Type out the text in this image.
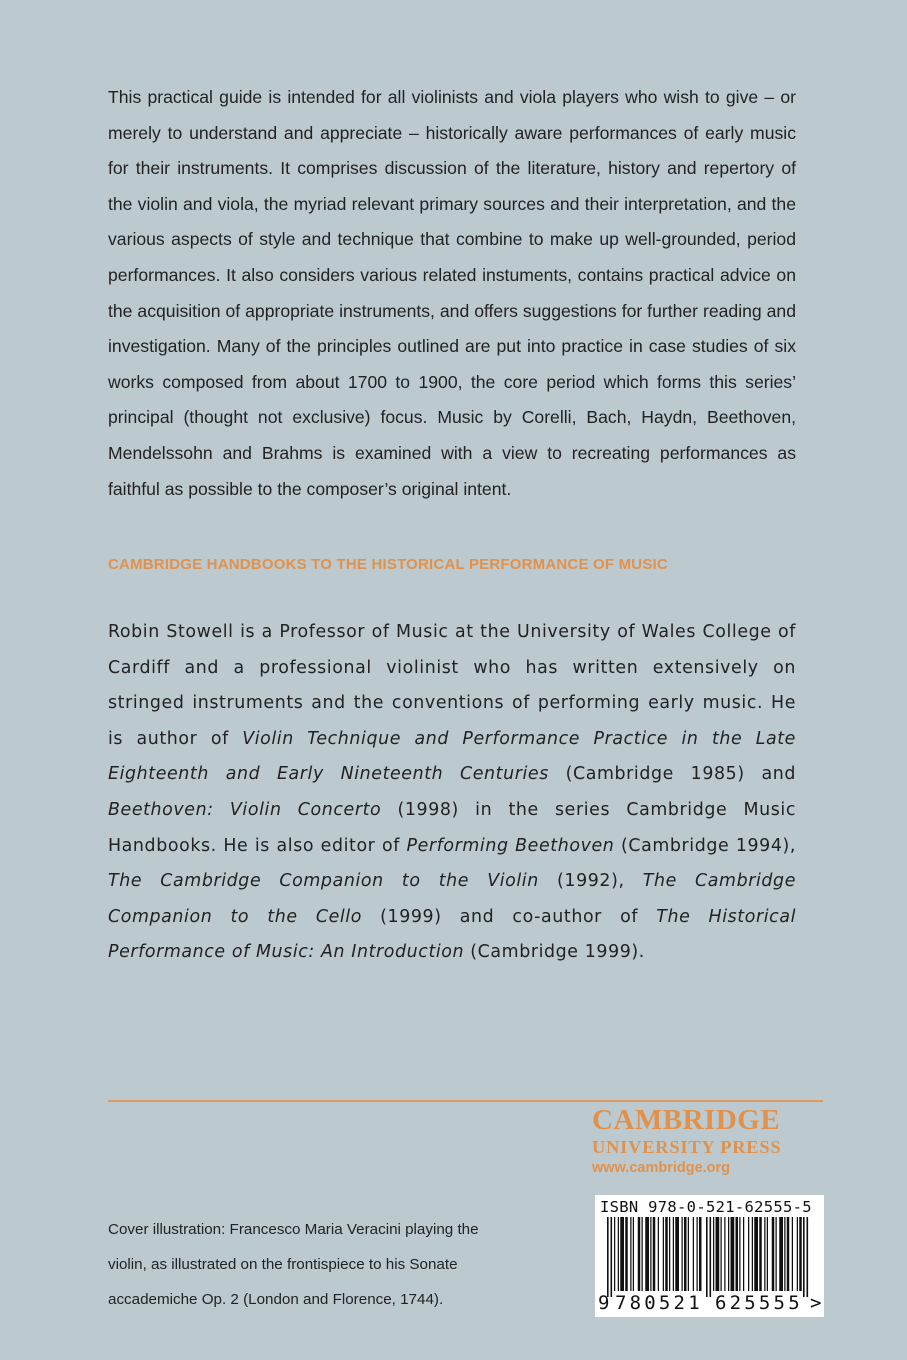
This practical guide is intended for all violinists and viola players who wish to give – or merely to understand and appreciate – historically aware performances of early music for their instruments. It comprises discussion of the literature, history and repertory of the violin and viola, the myriad relevant primary sources and their interpretation, and the various aspects of style and technique that combine to make up well-grounded, period performances. It also considers various related instuments, contains practical advice on the acquisition of appropriate instruments, and offers suggestions for further reading and investigation. Many of the principles outlined are put into practice in case studies of six works composed from about 1700 to 1900, the core period which forms this series’ principal (thought not exclusive) focus. Music by Corelli, Bach, Haydn, Beethoven, Mendelssohn and Brahms is examined with a view to recreating performances as faithful as possible to the composer’s original intent.

CAMBRIDGE HANDBOOKS TO THE HISTORICAL PERFORMANCE OF MUSIC

Robin Stowell is a Professor of Music at the University of Wales College of Cardiff and a professional violinist who has written extensively on stringed instruments and the conventions of performing early music. He is author of Violin Technique and Performance Practice in the Late Eighteenth and Early Nineteenth Centuries (Cambridge 1985) and Beethoven: Violin Concerto (1998) in the series Cambridge Music Handbooks. He is also editor of Performing Beethoven (Cambridge 1994), The Cambridge Companion to the Violin (1992), The Cambridge Companion to the Cello (1999) and co-author of The Historical Performance of Music: An Introduction (Cambridge 1999).

CAMBRIDGE
UNIVERSITY PRESS
www.cambridge.org

Cover illustration: Francesco Maria Veracini playing the violin, as illustrated on the frontispiece to his Sonate accademiche Op. 2 (London and Florence, 1744).

ISBN 978-0-521-62555-5
9 780521 625555 >
